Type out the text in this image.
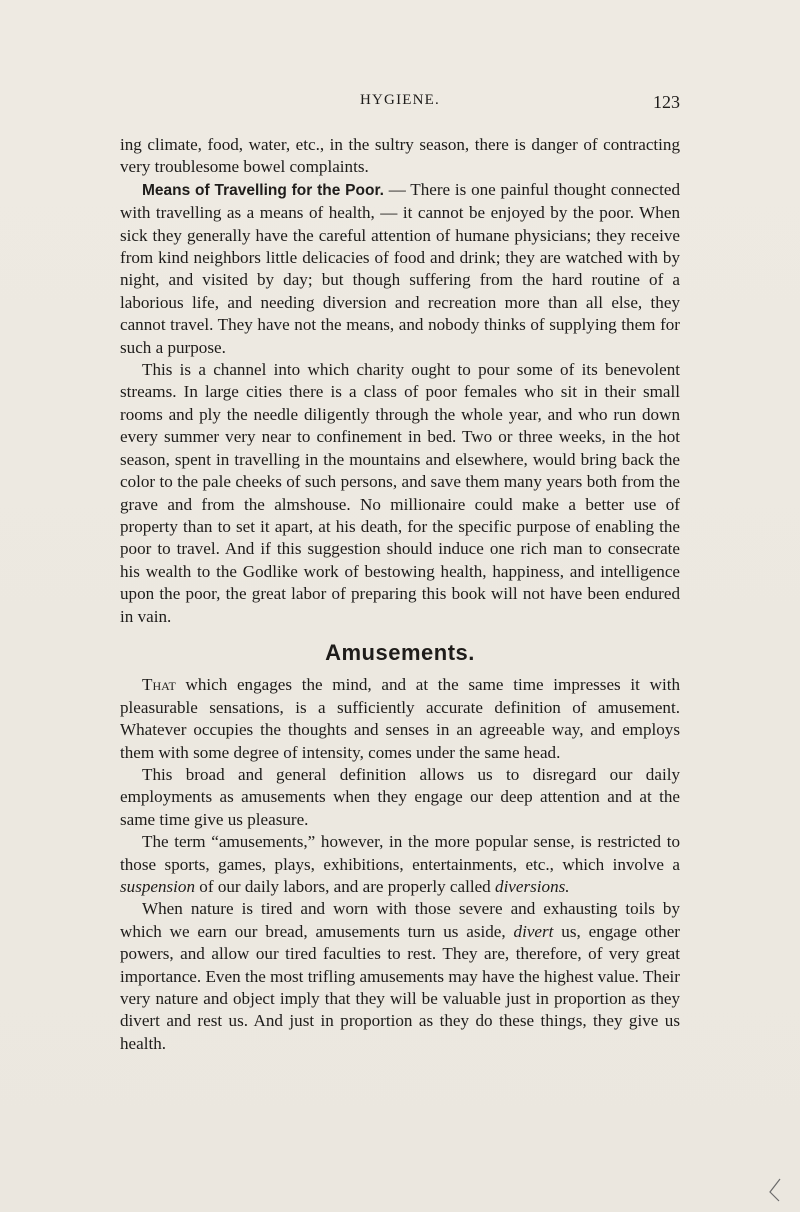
HYGIENE.	123

ing climate, food, water, etc., in the sultry season, there is danger of contracting very troublesome bowel complaints.

Means of Travelling for the Poor. — There is one painful thought connected with travelling as a means of health, — it cannot be enjoyed by the poor. When sick they generally have the careful attention of humane physicians; they receive from kind neighbors little delicacies of food and drink; they are watched with by night, and visited by day; but though suffering from the hard routine of a laborious life, and needing diversion and recreation more than all else, they cannot travel. They have not the means, and nobody thinks of supplying them for such a purpose.

This is a channel into which charity ought to pour some of its benevolent streams. In large cities there is a class of poor females who sit in their small rooms and ply the needle diligently through the whole year, and who run down every summer very near to confinement in bed. Two or three weeks, in the hot season, spent in travelling in the mountains and elsewhere, would bring back the color to the pale cheeks of such persons, and save them many years both from the grave and from the almshouse. No millionaire could make a better use of property than to set it apart, at his death, for the specific purpose of enabling the poor to travel. And if this suggestion should induce one rich man to consecrate his wealth to the Godlike work of bestowing health, happiness, and intelligence upon the poor, the great labor of preparing this book will not have been endured in vain.

Amusements.

That which engages the mind, and at the same time impresses it with pleasurable sensations, is a sufficiently accurate definition of amusement. Whatever occupies the thoughts and senses in an agreeable way, and employs them with some degree of intensity, comes under the same head.

This broad and general definition allows us to disregard our daily employments as amusements when they engage our deep attention and at the same time give us pleasure.

The term “amusements,” however, in the more popular sense, is restricted to those sports, games, plays, exhibitions, entertainments, etc., which involve a suspension of our daily labors, and are properly called diversions.

When nature is tired and worn with those severe and exhausting toils by which we earn our bread, amusements turn us aside, divert us, engage other powers, and allow our tired faculties to rest. They are, therefore, of very great importance. Even the most trifling amusements may have the highest value. Their very nature and object imply that they will be valuable just in proportion as they divert and rest us. And just in proportion as they do these things, they give us health.
